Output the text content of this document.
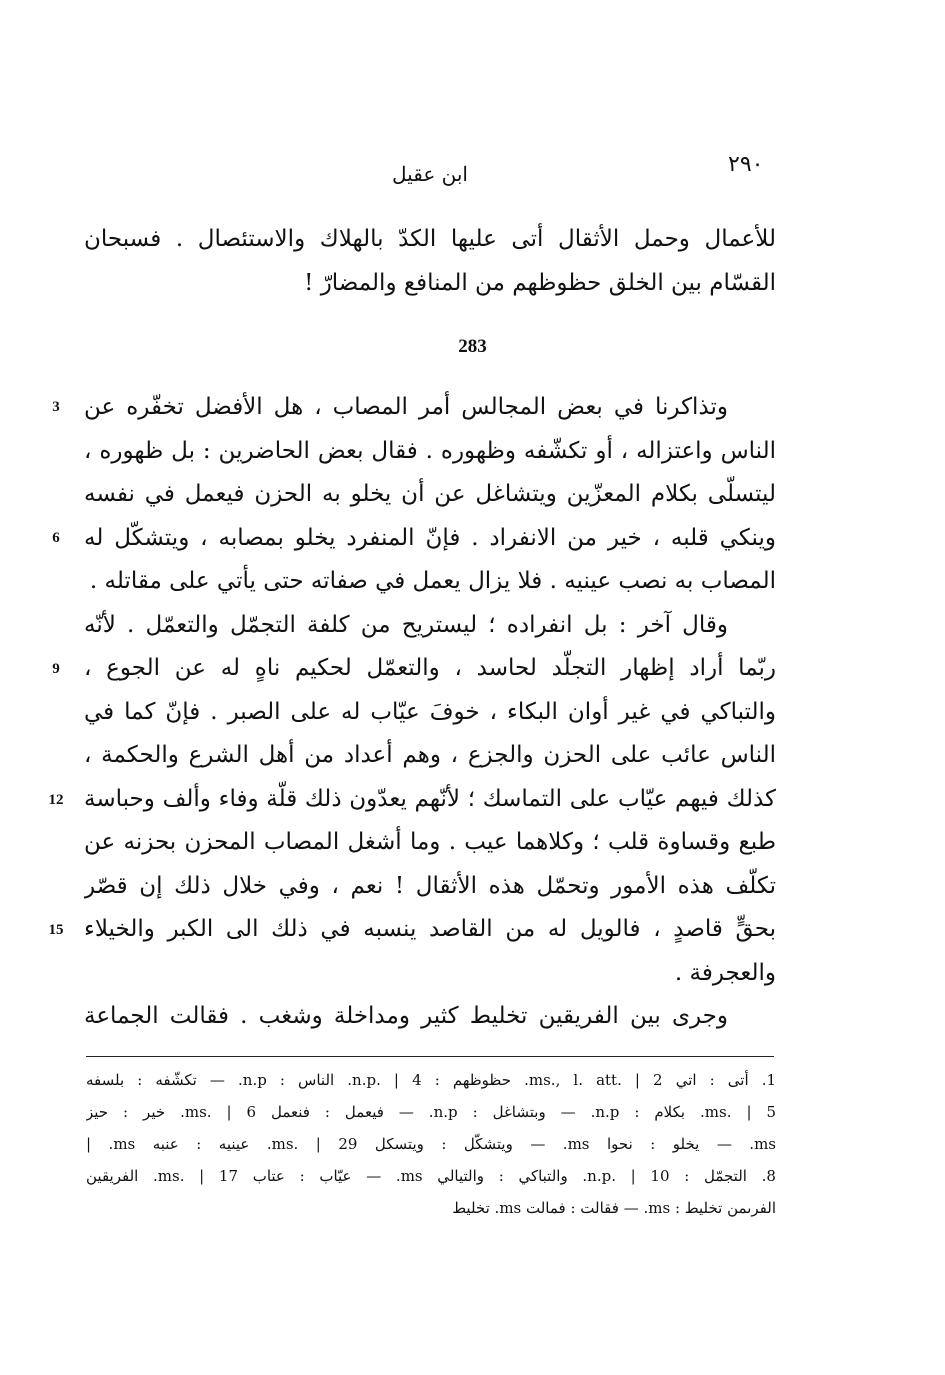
٢٩٠
ابن عقيل
للأعمال وحمل الأثقال أتى عليها الكدّ بالهلاك والاستئصال . فسبحان
القسّام بين الخلق حظوظهم من المنافع والمضارّ !
283
وتذاكرنا في بعض المجالس أمر المصاب ، هل الأفضل تخفّره عن
الناس واعتزاله ، أو تكشّفه وظهوره . فقال بعض الحاضرين : بل ظهوره ،
ليتسلّى بكلام المعزّين ويتشاغل عن أن يخلو به الحزن فيعمل في نفسه
وينكي قلبه ، خير من الانفراد . فإنّ المنفرد يخلو بمصابه ، ويتشكّل له
المصاب به نصب عينيه . فلا يزال يعمل في صفاته حتى يأتي على مقاتله .
وقال آخر : بل انفراده ؛ ليستريح من كلفة التجمّل والتعمّل . لأنّه
ربّما أراد إظهار التجلّد لحاسد ، والتعمّل لحكيم ناهٍ له عن الجوع ،
والتباكي في غير أوان البكاء ، خوفَ عيّاب له على الصبر . فإنّ كما في
الناس عائب على الحزن والجزع ، وهم أعداد من أهل الشرع والحكمة ،
كذلك فيهم عيّاب على التماسك ؛ لأنّهم يعدّون ذلك قلّة وفاء وألف وحباسة
طبع وقساوة قلب ؛ وكلاهما عيب . وما أشغل المصاب المحزن بحزنه عن
تكلّف هذه الأمور وتحمّل هذه الأثقال ! نعم ، وفي خلال ذلك إن قصّر
بحقٍّ قاصدٍ ، فالويل له من القاصد ينسبه في ذلك الى الكبر والخيلاء
والعجرفة .
وجرى بين الفريقين تخليط كثير ومداخلة وشغب . فقالت الجماعة
3
6
9
12
15
1. أتى : اتي ms., l. att. | 2. حظوظهم : n.p. | 4. الناس : n.p. — تكشّفه : بلسفه
ms. | 5. بكلام : n.p. — وبتشاغل : n.p. — فيعمل : فنعمل ms. | 6. خير : حيز
ms. — يخلو : نحوا ms. — ويتشكّل : ويتسكل ms. | 29. عينيه : عنبه ms. |
8. التجمّل : n.p. | 10. والتباكي : والتيالي ms. — عيّاب : عتاب ms. | 17. الفريقين
الفرىمن تخليط : ms. — فقالت : فمالت ms. تخليط
